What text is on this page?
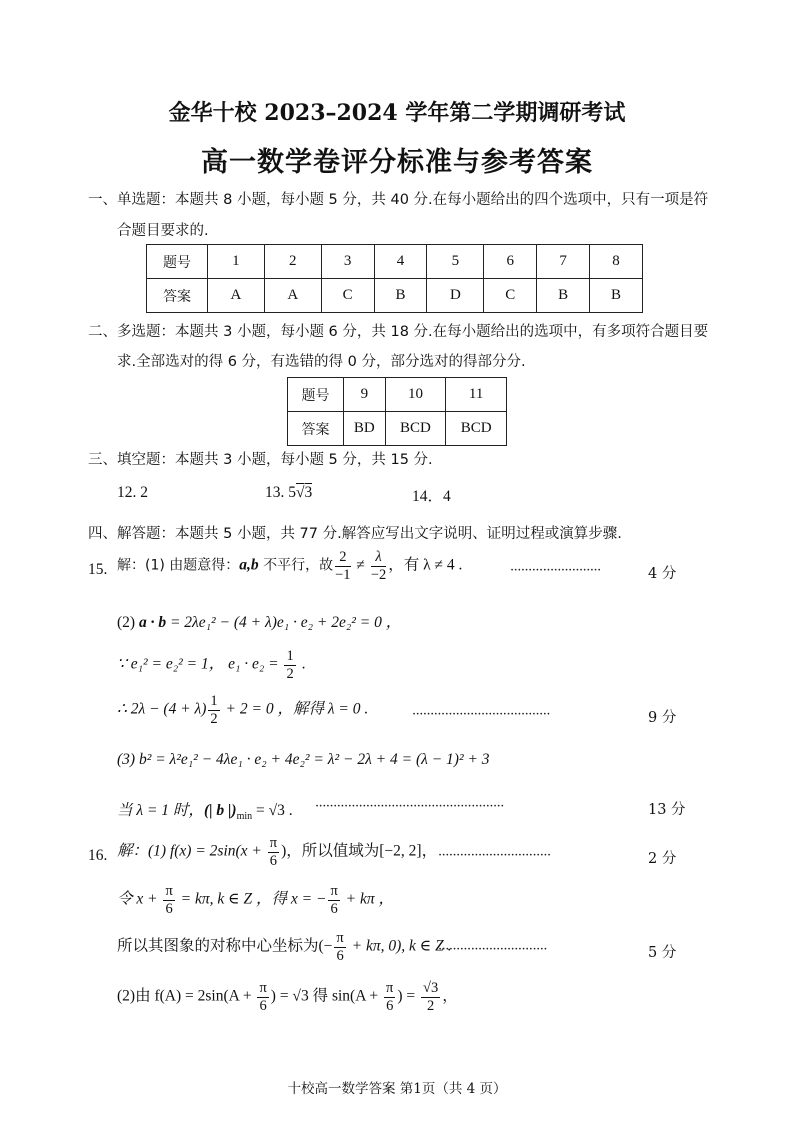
金华十校 2023–2024 学年第二学期调研考试
高一数学卷评分标准与参考答案
一、单选题：本题共 8 小题，每小题 5 分，共 40 分.在每小题给出的四个选项中，只有一项是符
合题目要求的.
题号	1	2	3	4	5	6	7	8
答案	A	A	C	B	D	C	B	B
二、多选题：本题共 3 小题，每小题 6 分，共 18 分.在每小题给出的选项中，有多项符合题目要
求.全部选对的得 6 分，有选错的得 0 分，部分选对的得部分分.
题号	9	10	11
答案	BD	BCD	BCD
三、填空题：本题共 3 小题，每小题 5 分，共 15 分.
12. 2	13. 5√3	14．4
四、解答题：本题共 5 小题，共 77 分.解答应写出文字说明、证明过程或演算步骤.
15. 解：(1) 由题意得：a,b 不平行，故 $\frac{2}{-1} \ne \frac{\lambda}{-2}$ ，有 λ ≠ 4 .	·························	4 分
(2) a · b = 2λe₁² − (4 + λ)e₁ · e₂ + 2e₂² = 0 ，
∵ e₁² = e₂² = 1， $e_1 \cdot e_2 = \frac{1}{2}$ .
∴ $2\lambda - (4 + \lambda) \frac{1}{2} + 2 = 0$ ，解得 λ = 0 .	······································	9 分
(3) b² = λ²e₁² − 4λe₁ · e₂ + 4e₂² = λ² − 2λ + 4 = (λ − 1)² + 3
当 λ = 1 时，(| b $|)_{min} = √3$ . ····················································	13 分
16. 解：(1) $f(x) = 2\sin(x + \frac{\pi}{6}$ )，所以值域为[−2, 2]， ·······························	2 分
令 $x + \frac{\pi}{6} = k\pi$, k ∈ Z ，得 x = − $\frac{\pi}{6} + k\pi$ ，
所以其图象的对称中心坐标为(− $\frac{\pi}{6} + k\pi$, 0), k ∈ Z .
······························	5 分
(2)由 $f(A) = 2\sin(A + \frac{\pi}{6}$ ) = √3 得 $\sin(A + \frac{\pi}{6}$ ) = $\frac{√3}{2}$ ，
十校高一数学答案 第1页（共 4 页）
